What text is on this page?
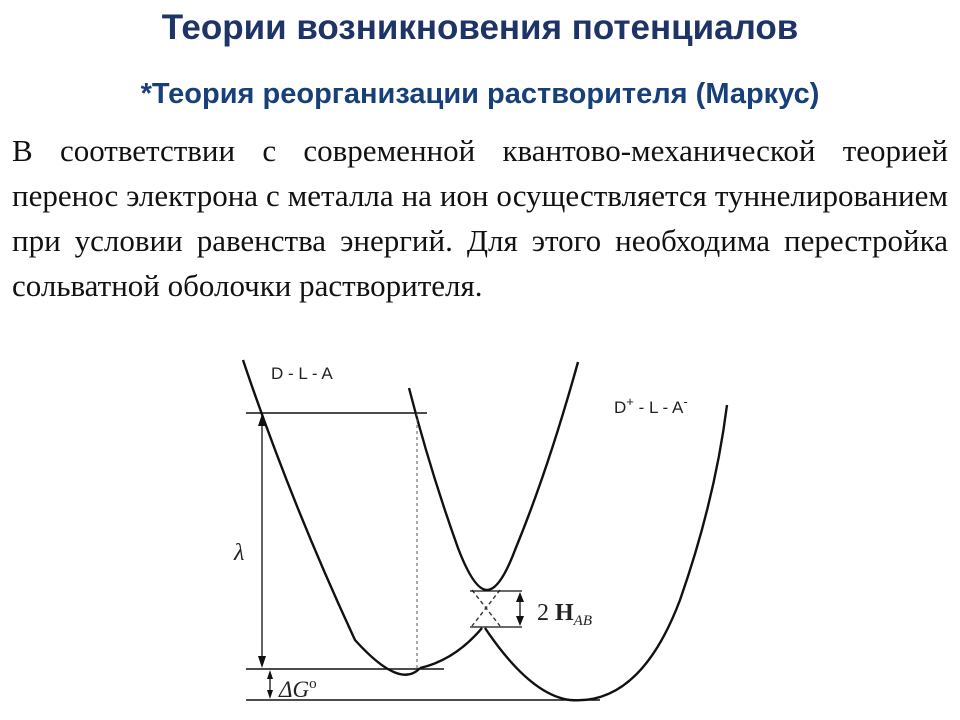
Теории возникновения потенциалов
*Теория реорганизации растворителя (Маркус)

В соответствии с современной квантово-механической теорией перенос электрона с металла на ион осуществляется туннелированием при условии равенства энергий. Для этого необходима перестройка сольватной оболочки растворителя.

D - L - A
D+ - L - A-
λ
2 $H_{AB}$
$\Delta G^o$
